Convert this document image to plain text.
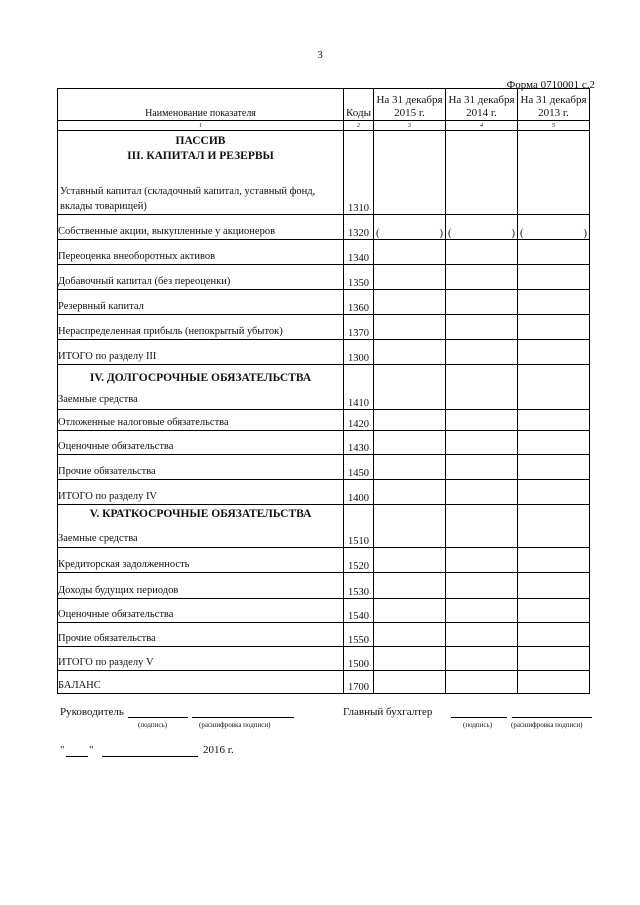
3
Форма 0710001 с.2
Наименование показателя	Коды	На 31 декабря 2015 г.	На 31 декабря 2014 г.	На 31 декабря 2013 г.
1	2	3	4	5

ПАССИВ
III. КАПИТАЛ И РЕЗЕРВЫ
Уставный капитал (складочный капитал, уставный фонд, вклады товарищей)	1310			
Собственные акции, выкупленные у акционеров	1320	( )	( )	( )

Переоценка внеоборотных активов	1340			
Добавочный капитал (без переоценки)	1350			
Резервный капитал	1360			
Нераспределенная прибыль (непокрытый убыток)	1370			
ИТОГО по разделу III	1300			

IV. ДОЛГОСРОЧНЫЕ ОБЯЗАТЕЛЬСТВА
Заемные средства	1410			
Отложенные налоговые обязательства	1420			
Оценочные обязательства	1430			
Прочие обязательства	1450			
ИТОГО по разделу IV	1400			

V. КРАТКОСРОЧНЫЕ ОБЯЗАТЕЛЬСТВА
Заемные средства	1510			
Кредиторская задолженность	1520			
Доходы будущих периодов	1530			
Оценочные обязательства	1540			
Прочие обязательства	1550			
ИТОГО по разделу V	1500			
БАЛАНС	1700			
Руководитель
(подпись)	(расшифровка подписи)
Главный бухгалтер
(подпись)	(расшифровка подписи)
" "	2016 г.
